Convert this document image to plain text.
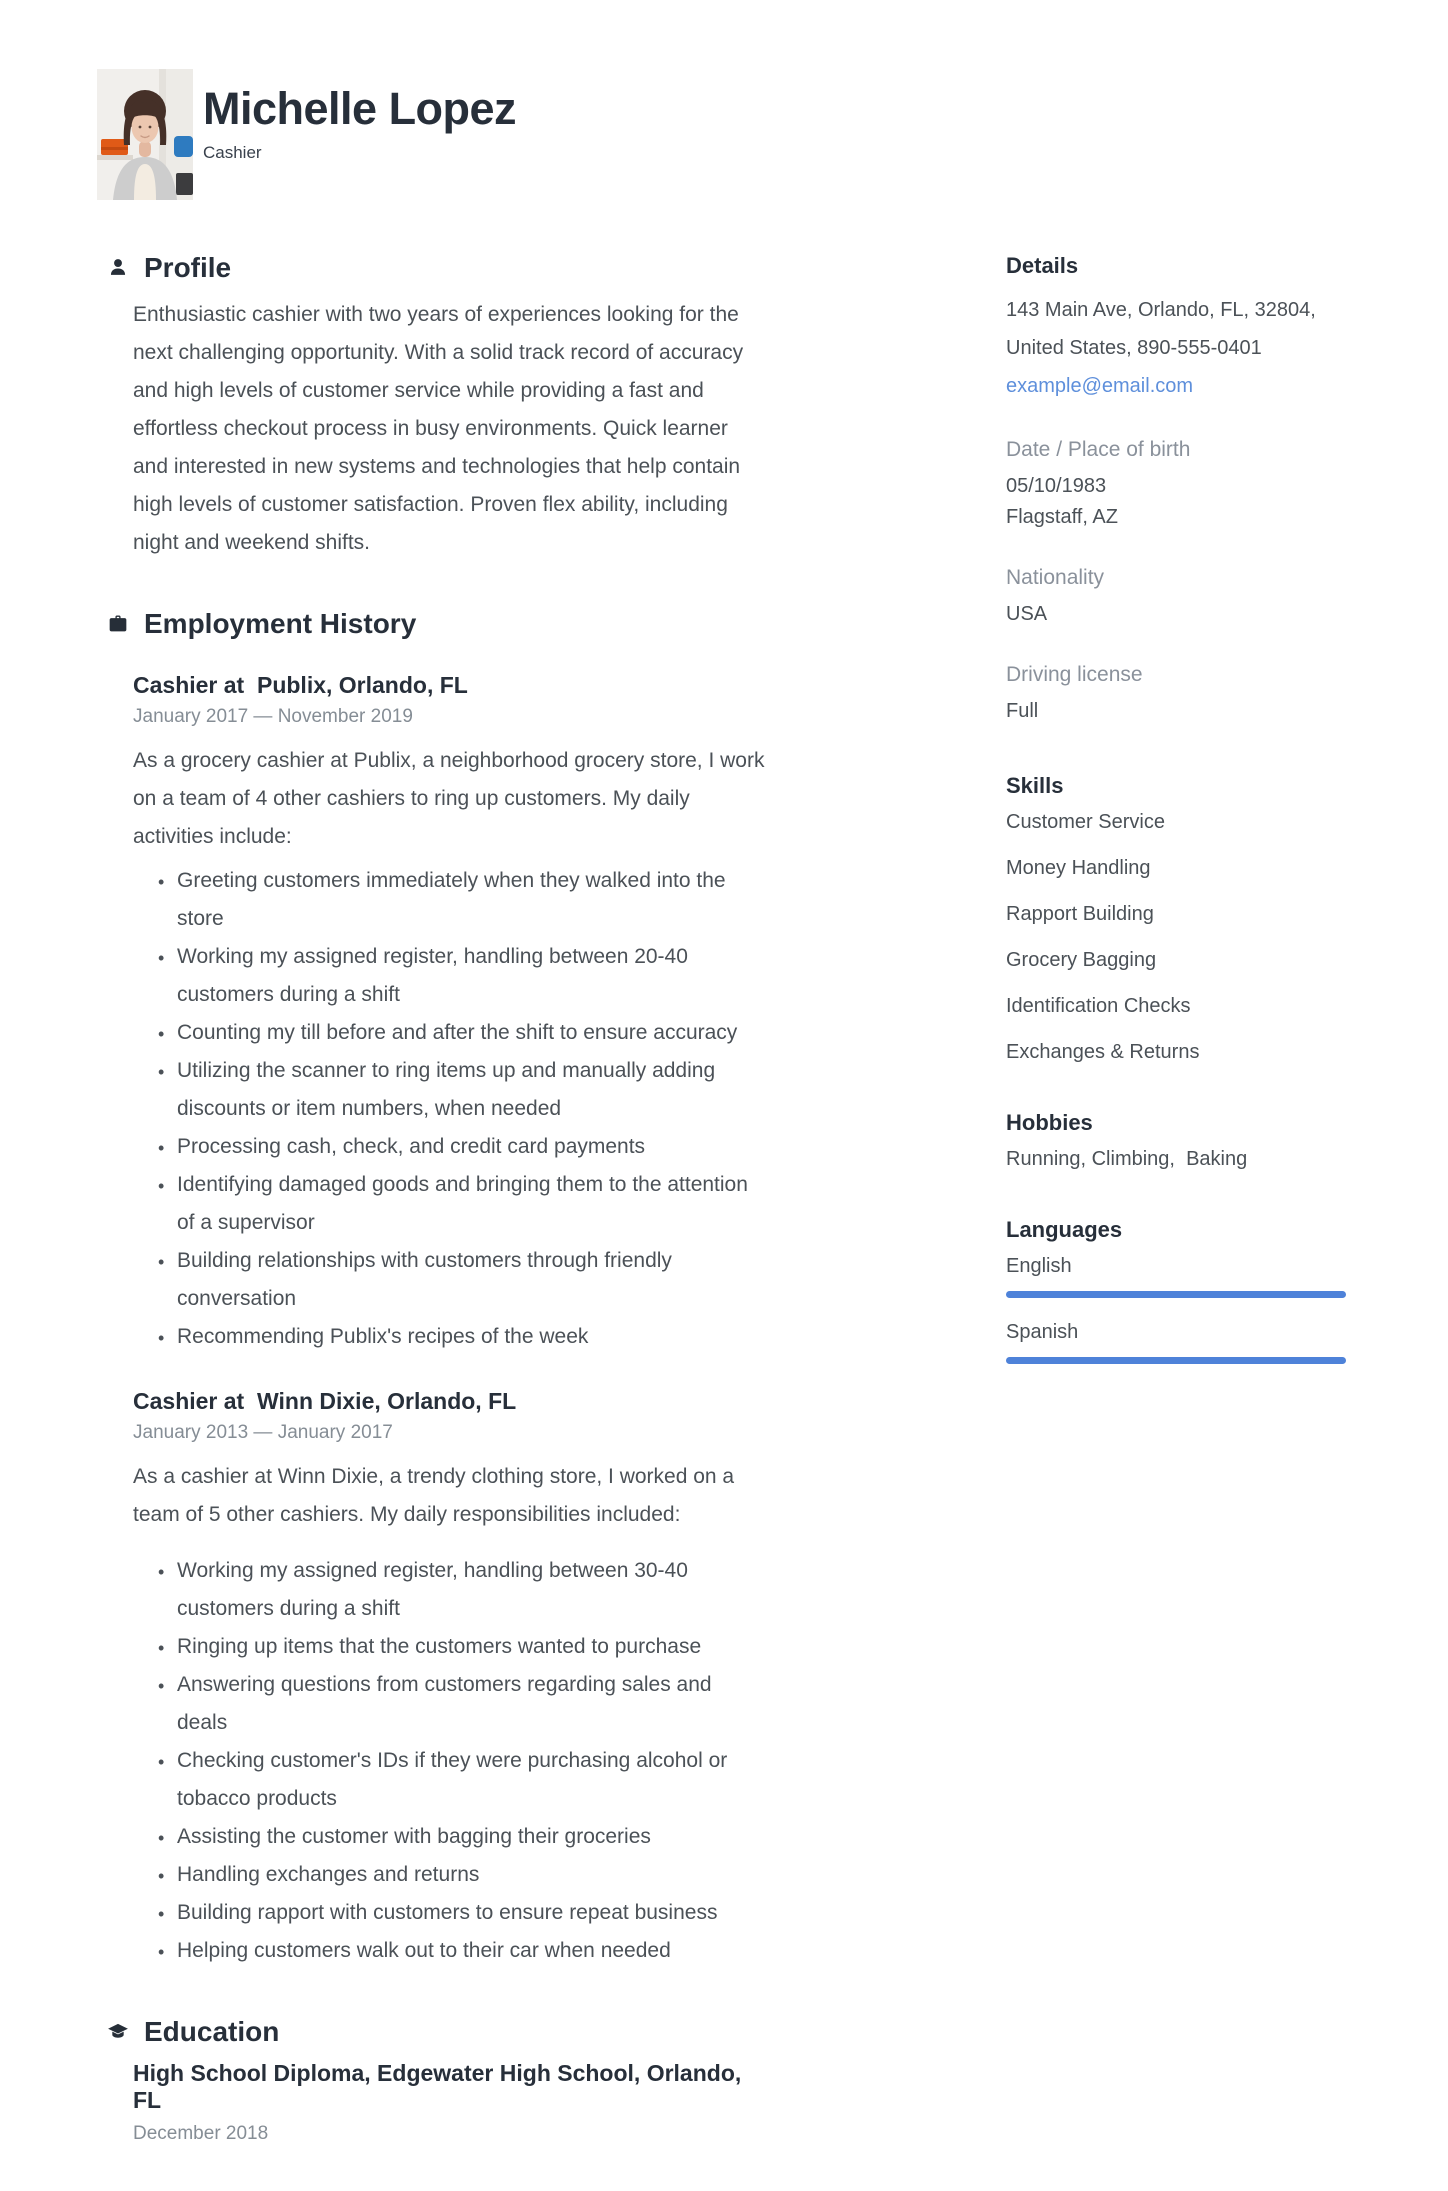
Michelle Lopez
Cashier
Profile
Enthusiastic cashier with two years of experiences looking for the next challenging opportunity. With a solid track record of accuracy and high levels of customer service while providing a fast and effortless checkout process in busy environments. Quick learner and interested in new systems and technologies that help contain high levels of customer satisfaction. Proven flex ability, including night and weekend shifts.
Employment History
Cashier at  Publix, Orlando, FL
January 2017 — November 2019
As a grocery cashier at Publix, a neighborhood grocery store, I work on a team of 4 other cashiers to ring up customers. My daily activities include:
• Greeting customers immediately when they walked into the store
• Working my assigned register, handling between 20-40 customers during a shift
• Counting my till before and after the shift to ensure accuracy
• Utilizing the scanner to ring items up and manually adding discounts or item numbers, when needed
• Processing cash, check, and credit card payments
• Identifying damaged goods and bringing them to the attention of a supervisor
• Building relationships with customers through friendly conversation
• Recommending Publix's recipes of the week
Cashier at  Winn Dixie, Orlando, FL
January 2013 — January 2017
As a cashier at Winn Dixie, a trendy clothing store, I worked on a team of 5 other cashiers. My daily responsibilities included:
• Working my assigned register, handling between 30-40 customers during a shift
• Ringing up items that the customers wanted to purchase
• Answering questions from customers regarding sales and deals
• Checking customer's IDs if they were purchasing alcohol or tobacco products
• Assisting the customer with bagging their groceries
• Handling exchanges and returns
• Building rapport with customers to ensure repeat business
• Helping customers walk out to their car when needed
Education
High School Diploma, Edgewater High School, Orlando, FL
December 2018
Details
143 Main Ave, Orlando, FL, 32804,
United States, 890-555-0401
example@email.com
Date / Place of birth
05/10/1983
Flagstaff, AZ
Nationality
USA
Driving license
Full
Skills
Customer Service
Money Handling
Rapport Building
Grocery Bagging
Identification Checks
Exchanges & Returns
Hobbies
Running, Climbing,  Baking
Languages
English
Spanish
